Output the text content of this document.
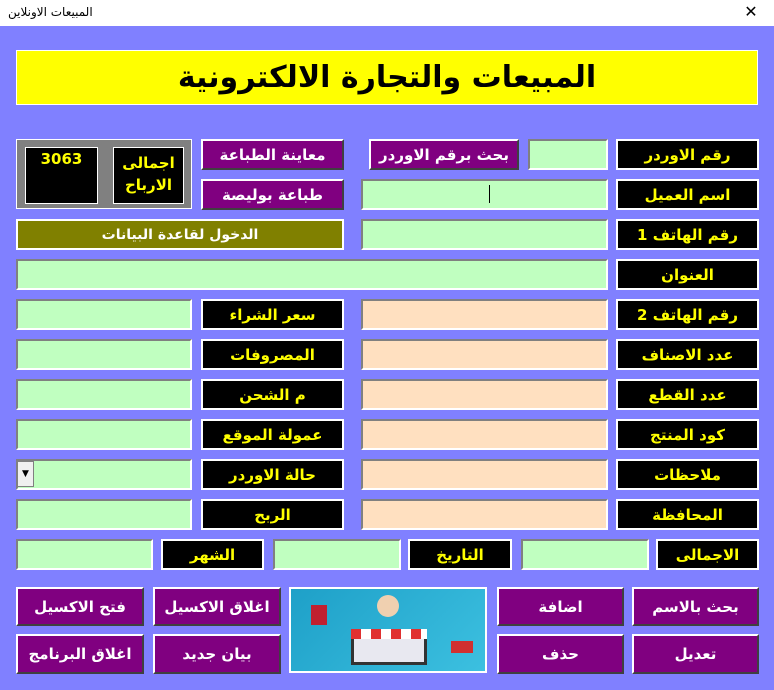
المبيعات الاونلاين	✕
المبيعات والتجارة الالكترونية
3063	اجمالى الارباح
معاينة الطباعة
طباعة بوليصة
الدخول لقاعدة البيانات
بحث برقم الاوردر	رقم الاوردر
اسم العميل
رقم الهاتف 1
العنوان
رقم الهاتف 2
عدد الاصناف
عدد القطع
كود المنتج
ملاحظات
المحافظة
سعر الشراء
المصروفات
م الشحن
عمولة الموقع
حالة الاوردر
الربح
▼
الاجمالى
التاريخ
الشهر
بحث بالاسم
تعديل
اضافة
حذف
اغلاق الاكسيل
بيان جديد
فتح الاكسيل
اغلاق البرنامج
